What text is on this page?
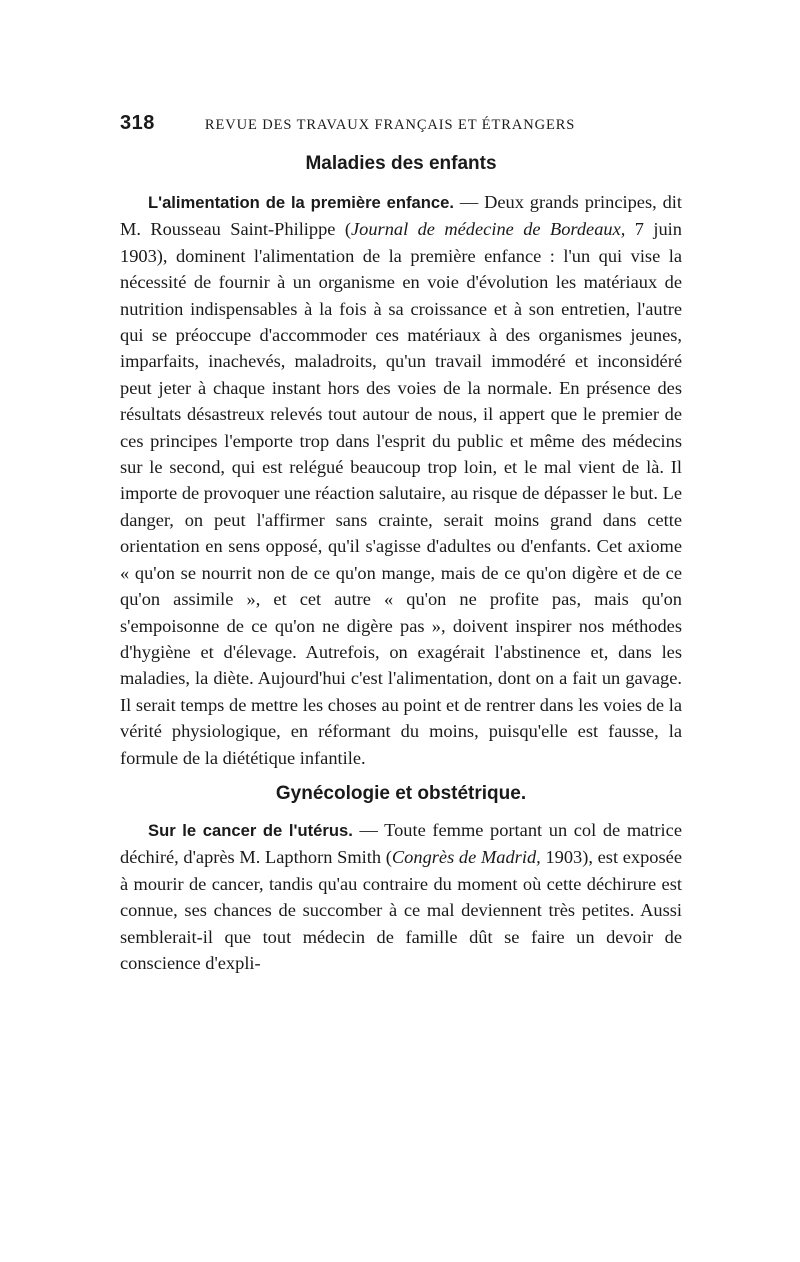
318	REVUE DES TRAVAUX FRANÇAIS ET ÉTRANGERS
Maladies des enfants

L'alimentation de la première enfance. — Deux grands principes, dit M. Rousseau Saint-Philippe (Journal de médecine de Bordeaux, 7 juin 1903), dominent l'alimentation de la première enfance : l'un qui vise la nécessité de fournir à un organisme en voie d'évolution les matériaux de nutrition indispensables à la fois à sa croissance et à son entretien, l'autre qui se préoccupe d'accommoder ces matériaux à des organismes jeunes, imparfaits, inachevés, maladroits, qu'un travail immodéré et inconsidéré peut jeter à chaque instant hors des voies de la normale. En présence des résultats désastreux relevés tout autour de nous, il appert que le premier de ces principes l'emporte trop dans l'esprit du public et même des médecins sur le second, qui est relégué beaucoup trop loin, et le mal vient de là. Il importe de provoquer une réaction salutaire, au risque de dépasser le but. Le danger, on peut l'affirmer sans crainte, serait moins grand dans cette orientation en sens opposé, qu'il s'agisse d'adultes ou d'enfants. Cet axiome « qu'on se nourrit non de ce qu'on mange, mais de ce qu'on digère et de ce qu'on assimile », et cet autre « qu'on ne profite pas, mais qu'on s'empoisonne de ce qu'on ne digère pas », doivent inspirer nos méthodes d'hygiène et d'élevage. Autrefois, on exagérait l'abstinence et, dans les maladies, la diète. Aujourd'hui c'est l'alimentation, dont on a fait un gavage. Il serait temps de mettre les choses au point et de rentrer dans les voies de la vérité physiologique, en réformant du moins, puisqu'elle est fausse, la formule de la diététique infantile.

Gynécologie et obstétrique.

Sur le cancer de l'utérus. — Toute femme portant un col de matrice déchiré, d'après M. Lapthorn Smith (Congrès de Madrid, 1903), est exposée à mourir de cancer, tandis qu'au contraire du moment où cette déchirure est connue, ses chances de succomber à ce mal deviennent très petites. Aussi semblerait-il que tout médecin de famille dût se faire un devoir de conscience d'expli-
